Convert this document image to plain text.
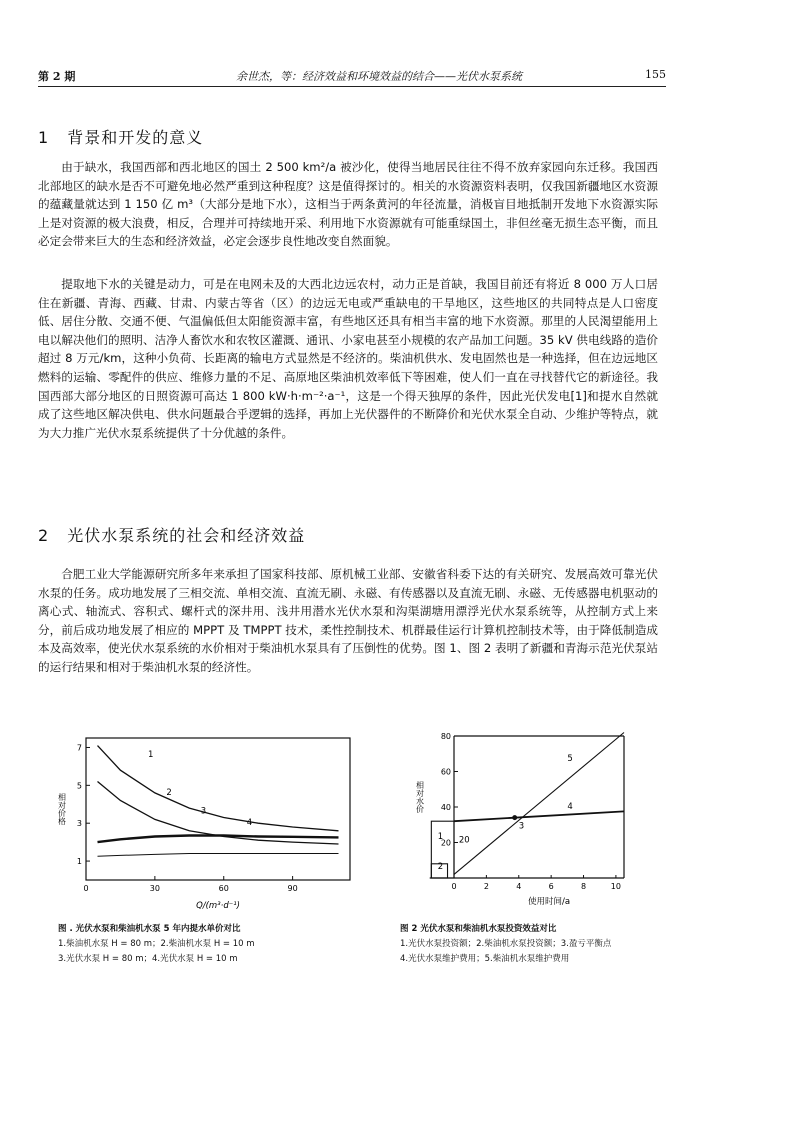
第 2 期	余世杰，等：经济效益和环境效益的结合——光伏水泵系统	155
1 背景和开发的意义

由于缺水，我国西部和西北地区的国土 2 500 km²/a 被沙化，使得当地居民往往不得不放弃家园向东迁移。我国西北部地区的缺水是否不可避免地必然严重到这种程度？这是值得探讨的。相关的水资源资料表明，仅我国新疆地区水资源的蕴藏量就达到 1 150 亿 m³（大部分是地下水），这相当于两条黄河的年径流量，消极盲目地抵制开发地下水资源实际上是对资源的极大浪费，相反，合理并可持续地开采、利用地下水资源就有可能重绿国土，非但丝毫无损生态平衡，而且必定会带来巨大的生态和经济效益，必定会逐步良性地改变自然面貌。

提取地下水的关键是动力，可是在电网未及的大西北边远农村，动力正是首缺，我国目前还有将近 8 000 万人口居住在新疆、青海、西藏、甘肃、内蒙古等省（区）的边远无电或严重缺电的干旱地区，这些地区的共同特点是人口密度低、居住分散、交通不便、气温偏低但太阳能资源丰富，有些地区还具有相当丰富的地下水资源。那里的人民渴望能用上电以解决他们的照明、洁净人畜饮水和农牧区灌溉、通讯、小家电甚至小规模的农产品加工问题。35 kV 供电线路的造价超过 8 万元/km，这种小负荷、长距离的输电方式显然是不经济的。柴油机供水、发电固然也是一种选择，但在边远地区燃料的运输、零配件的供应、维修力量的不足、高原地区柴油机效率低下等困难，使人们一直在寻找替代它的新途径。我国西部大部分地区的日照资源可高达 1 800 kW·h·m⁻²·a⁻¹，这是一个得天独厚的条件，因此光伏发电[1]和提水自然就成了这些地区解决供电、供水问题最合乎逻辑的选择，再加上光伏器件的不断降价和光伏水泵全自动、少维护等特点，就为大力推广光伏水泵系统提供了十分优越的条件。

2 光伏水泵系统的社会和经济效益

合肥工业大学能源研究所多年来承担了国家科技部、原机械工业部、安徽省科委下达的有关研究、发展高效可靠光伏水泵的任务。成功地发展了三相交流、单相交流、直流无刷、永磁、有传感器以及直流无刷、永磁、无传感器电机驱动的离心式、轴流式、容积式、螺杆式的深井用、浅井用潜水光伏水泵和沟渠湖塘用漂浮光伏水泵系统等，从控制方式上来分，前后成功地发展了相应的 MPPT 及 TMPPT 技术，柔性控制技术、机群最佳运行计算机控制技术等，由于降低制造成本及高效率，使光伏水泵系统的水价相对于柴油机水泵具有了压倒性的优势。图 1、图 2 表明了新疆和青海示范光伏泵站的运行结果和相对于柴油机水泵的经济性。

0	30	60	90
1
3
5
7
Q/(m³·d⁻¹)
相对价格
1
2
3
4
0	2	4	6	8	10
20
40
60
80
使用时间/a
相对水价
1
2
20
3
4
5
图 . 光伏水泵和柴油机水泵 5 年内提水单价对比
1.柴油机水泵 H = 80 m；2.柴油机水泵 H = 10 m
3.光伏水泵 H = 80 m；4.光伏水泵 H = 10 m
图 2 光伏水泵和柴油机水泵投资效益对比
1.光伏水泵投资额；2.柴油机水泵投资额；3.盈亏平衡点
4.光伏水泵维护费用；5.柴油机水泵维护费用
